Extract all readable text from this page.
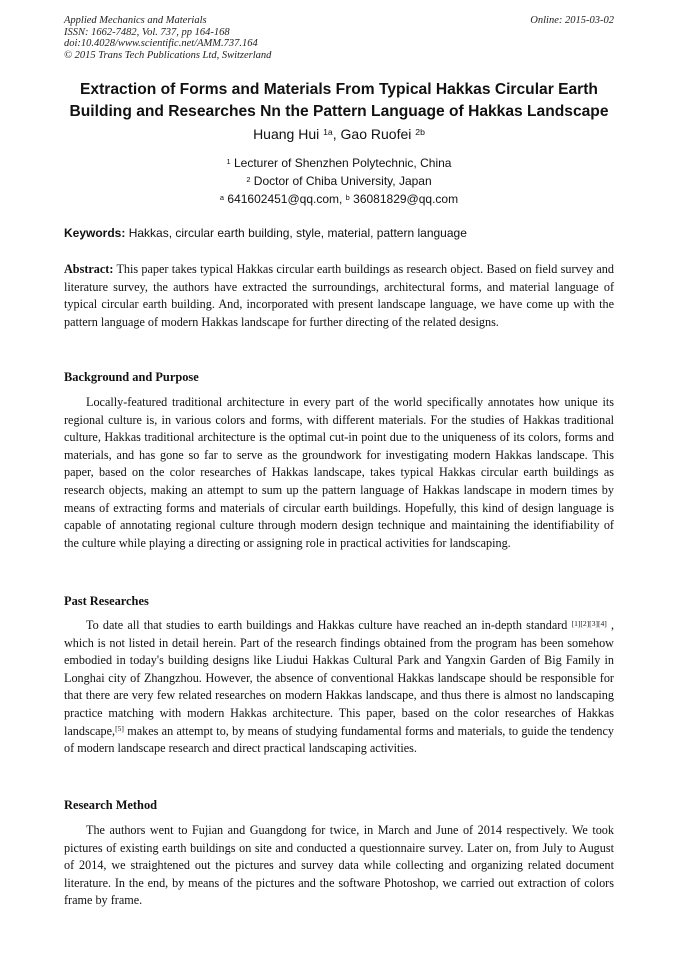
Applied Mechanics and Materials
ISSN: 1662-7482, Vol. 737, pp 164-168
doi:10.4028/www.scientific.net/AMM.737.164
© 2015 Trans Tech Publications Ltd, Switzerland
Online: 2015-03-02
Extraction of Forms and Materials From Typical Hakkas Circular Earth
Building and Researches Nn the Pattern Language of Hakkas Landscape
Huang Hui $^{1a}$, Gao Ruofei $^{2b}$
$^1$ Lecturer of Shenzhen Polytechnic, China
$^2$ Doctor of Chiba University, Japan
$^a$ 641602451@qq.com, $^b$ 36081829@qq.com
Keywords: Hakkas, circular earth building, style, material, pattern language
Abstract: This paper takes typical Hakkas circular earth buildings as research object. Based on field survey and literature survey, the authors have extracted the surroundings, architectural forms, and material language of typical circular earth building. And, incorporated with present landscape language, we have come up with the pattern language of modern Hakkas landscape for further directing of the related designs.
Background and Purpose
Locally-featured traditional architecture in every part of the world specifically annotates how unique its regional culture is, in various colors and forms, with different materials. For the studies of Hakkas traditional culture, Hakkas traditional architecture is the optimal cut-in point due to the uniqueness of its colors, forms and materials, and has gone so far to serve as the groundwork for investigating modern Hakkas landscape. This paper, based on the color researches of Hakkas landscape, takes typical Hakkas circular earth buildings as research objects, making an attempt to sum up the pattern language of Hakkas landscape in modern times by means of extracting forms and materials of circular earth buildings. Hopefully, this kind of design language is capable of annotating regional culture through modern design technique and maintaining the identifiability of the culture while playing a directing or assigning role in practical activities for landscaping.
Past Researches
To date all that studies to earth buildings and Hakkas culture have reached an in-depth standard [1][2][3][4] , which is not listed in detail herein. Part of the research findings obtained from the program has been somehow embodied in today's building designs like Liudui Hakkas Cultural Park and Yangxin Garden of Big Family in Longhai city of Zhangzhou. However, the absence of conventional Hakkas landscape should be responsible for that there are very few related researches on modern Hakkas landscape, and thus there is almost no landscaping practice matching with modern Hakkas architecture. This paper, based on the color researches of Hakkas landscape,[5] makes an attempt to, by means of studying fundamental forms and materials, to guide the tendency of modern landscape research and direct practical landscaping activities.
Research Method
The authors went to Fujian and Guangdong for twice, in March and June of 2014 respectively. We took pictures of existing earth buildings on site and conducted a questionnaire survey. Later on, from July to August of 2014, we straightened out the pictures and survey data while collecting and organizing related document literature. In the end, by means of the pictures and the software Photoshop, we carried out extraction of colors frame by frame.
